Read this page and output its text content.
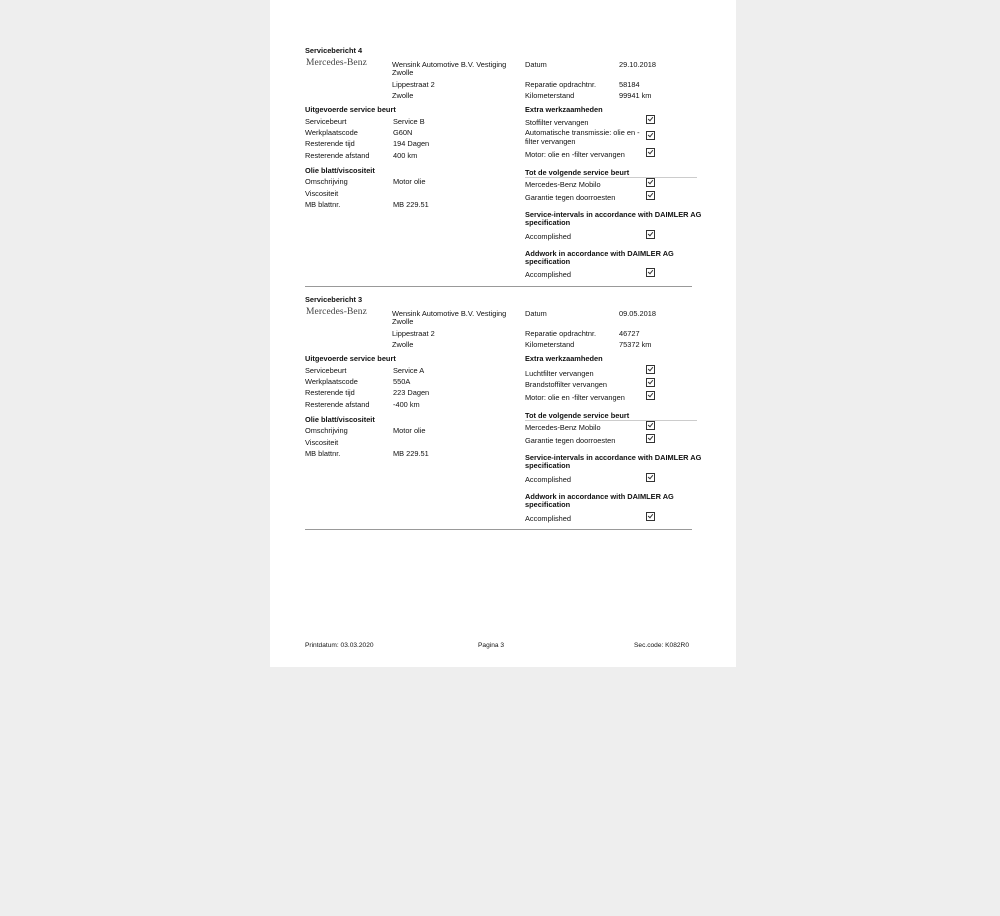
Servicebericht 4
Mercedes-Benz	Wensink Automotive B.V. Vestiging
Zwolle
Lippestraat 2
Zwolle
Datum	29.10.2018
Reparatie opdrachtnr.	58184
Kilometerstand	99941 km
Uitgevoerde service beurt
Servicebeurt	Service B
Werkplaatscode	G60N
Resterende tijd	194 Dagen
Resterende afstand	400 km
Olie blatt/viscositeit
Omschrijving	Motor olie
Viscositeit
MB blattnr.	MB 229.51
Extra werkzaamheden
Stoffilter vervangen
Automatische transmissie: olie en -filter vervangen
Motor: olie en -filter vervangen
Tot de volgende service beurt
Mercedes-Benz Mobilo
Garantie tegen doorroesten
Service-intervals in accordance with DAIMLER AG specification
Accomplished
Addwork in accordance with DAIMLER AG specification
Accomplished
Servicebericht 3
Mercedes-Benz	Wensink Automotive B.V. Vestiging
Zwolle
Lippestraat 2
Zwolle
Datum	09.05.2018
Reparatie opdrachtnr.	46727
Kilometerstand	75372 km
Uitgevoerde service beurt
Servicebeurt	Service A
Werkplaatscode	550A
Resterende tijd	223 Dagen
Resterende afstand	-400 km
Olie blatt/viscositeit
Omschrijving	Motor olie
Viscositeit
MB blattnr.	MB 229.51
Extra werkzaamheden
Luchtfilter vervangen
Brandstoffilter vervangen
Motor: olie en -filter vervangen
Tot de volgende service beurt
Mercedes-Benz Mobilo
Garantie tegen doorroesten
Service-intervals in accordance with DAIMLER AG specification
Accomplished
Addwork in accordance with DAIMLER AG specification
Accomplished
Printdatum: 03.03.2020	Pagina 3	Sec.code: K082R0
